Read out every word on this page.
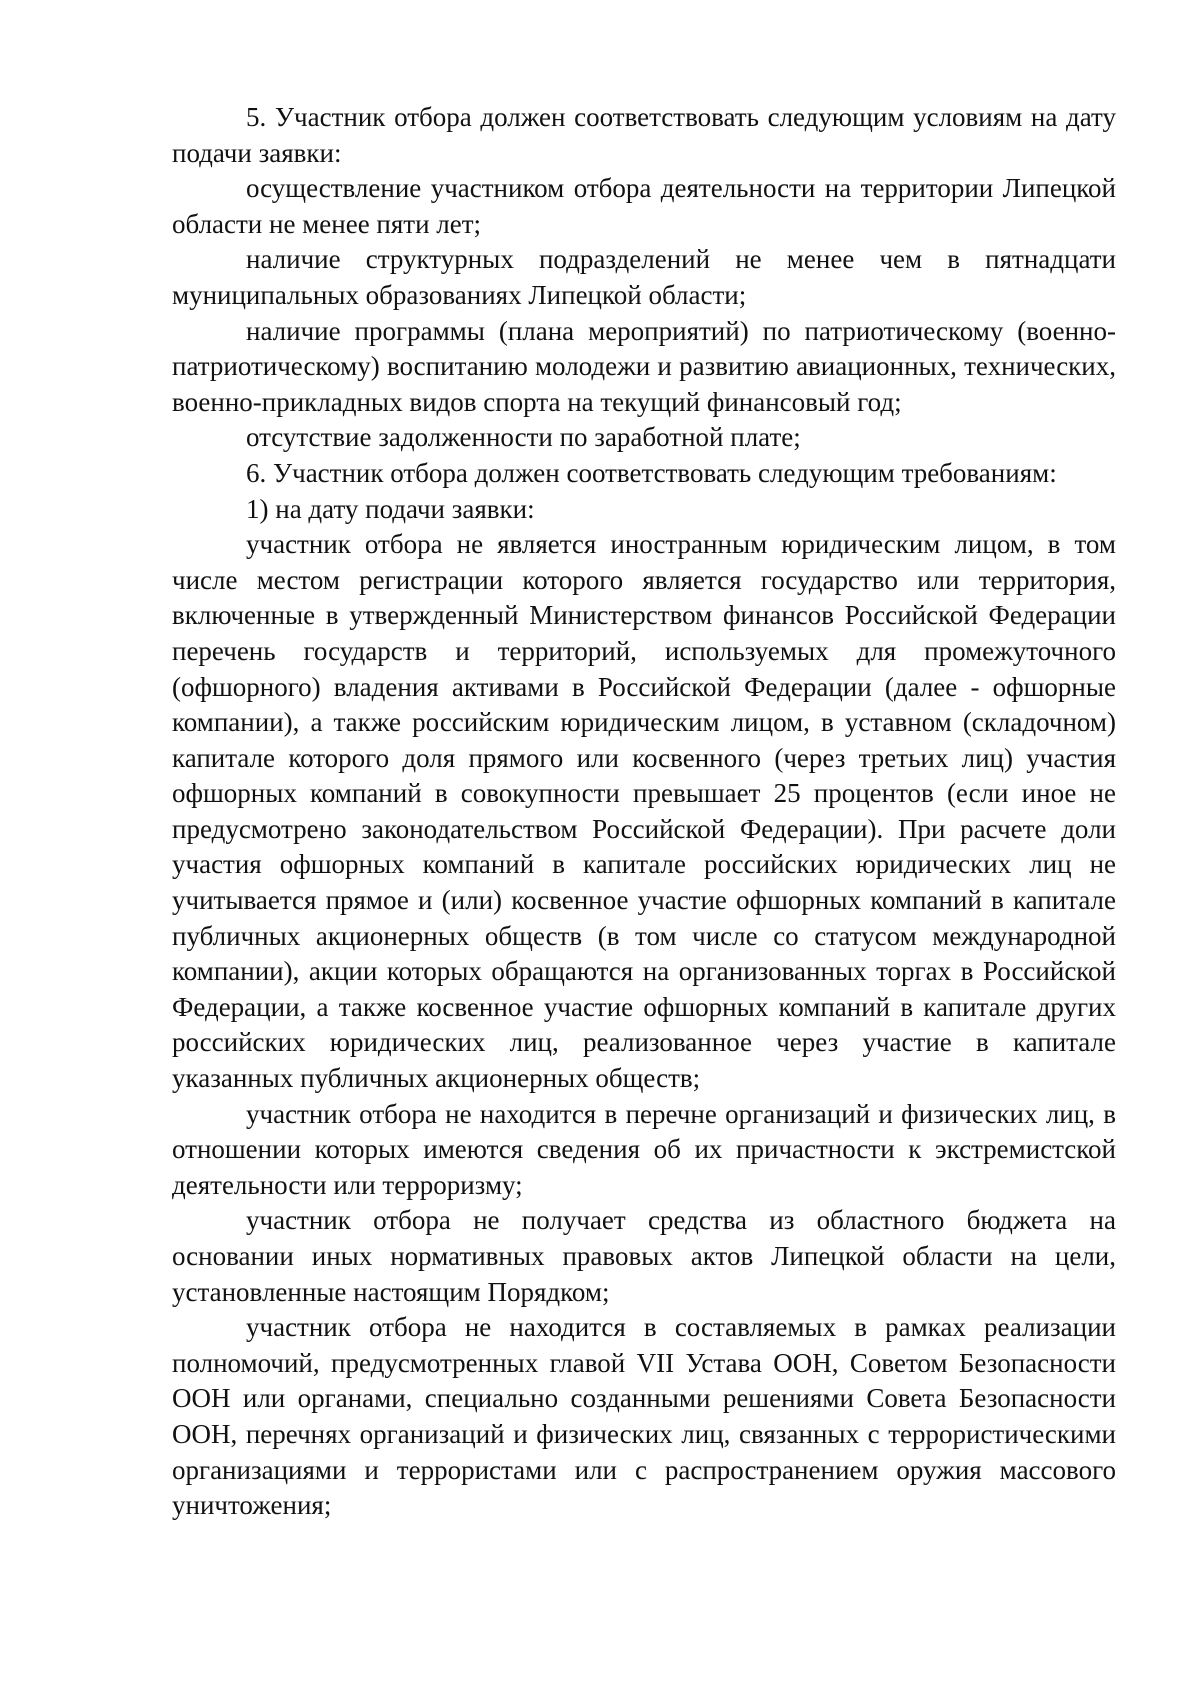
5. Участник отбора должен соответствовать следующим условиям на дату подачи заявки:

осуществление участником отбора деятельности на территории Липецкой области не менее пяти лет;

наличие структурных подразделений не менее чем в пятнадцати муниципальных образованиях Липецкой области;

наличие программы (плана мероприятий) по патриотическому (военно-патриотическому) воспитанию молодежи и развитию авиационных, технических, военно-прикладных видов спорта на текущий финансовый год;

отсутствие задолженности по заработной плате;

6. Участник отбора должен соответствовать следующим требованиям:

1) на дату подачи заявки:

участник отбора не является иностранным юридическим лицом, в том числе местом регистрации которого является государство или территория, включенные в утвержденный Министерством финансов Российской Федерации перечень государств и территорий, используемых для промежуточного (офшорного) владения активами в Российской Федерации (далее - офшорные компании), а также российским юридическим лицом, в уставном (складочном) капитале которого доля прямого или косвенного (через третьих лиц) участия офшорных компаний в совокупности превышает 25 процентов (если иное не предусмотрено законодательством Российской Федерации). При расчете доли участия офшорных компаний в капитале российских юридических лиц не учитывается прямое и (или) косвенное участие офшорных компаний в капитале публичных акционерных обществ (в том числе со статусом международной компании), акции которых обращаются на организованных торгах в Российской Федерации, а также косвенное участие офшорных компаний в капитале других российских юридических лиц, реализованное через участие в капитале указанных публичных акционерных обществ;

участник отбора не находится в перечне организаций и физических лиц, в отношении которых имеются сведения об их причастности к экстремистской деятельности или терроризму;

участник отбора не получает средства из областного бюджета на основании иных нормативных правовых актов Липецкой области на цели, установленные настоящим Порядком;

участник отбора не находится в составляемых в рамках реализации полномочий, предусмотренных главой VII Устава ООН, Советом Безопасности ООН или органами, специально созданными решениями Совета Безопасности ООН, перечнях организаций и физических лиц, связанных с террористическими организациями и террористами или с распространением оружия массового уничтожения;
